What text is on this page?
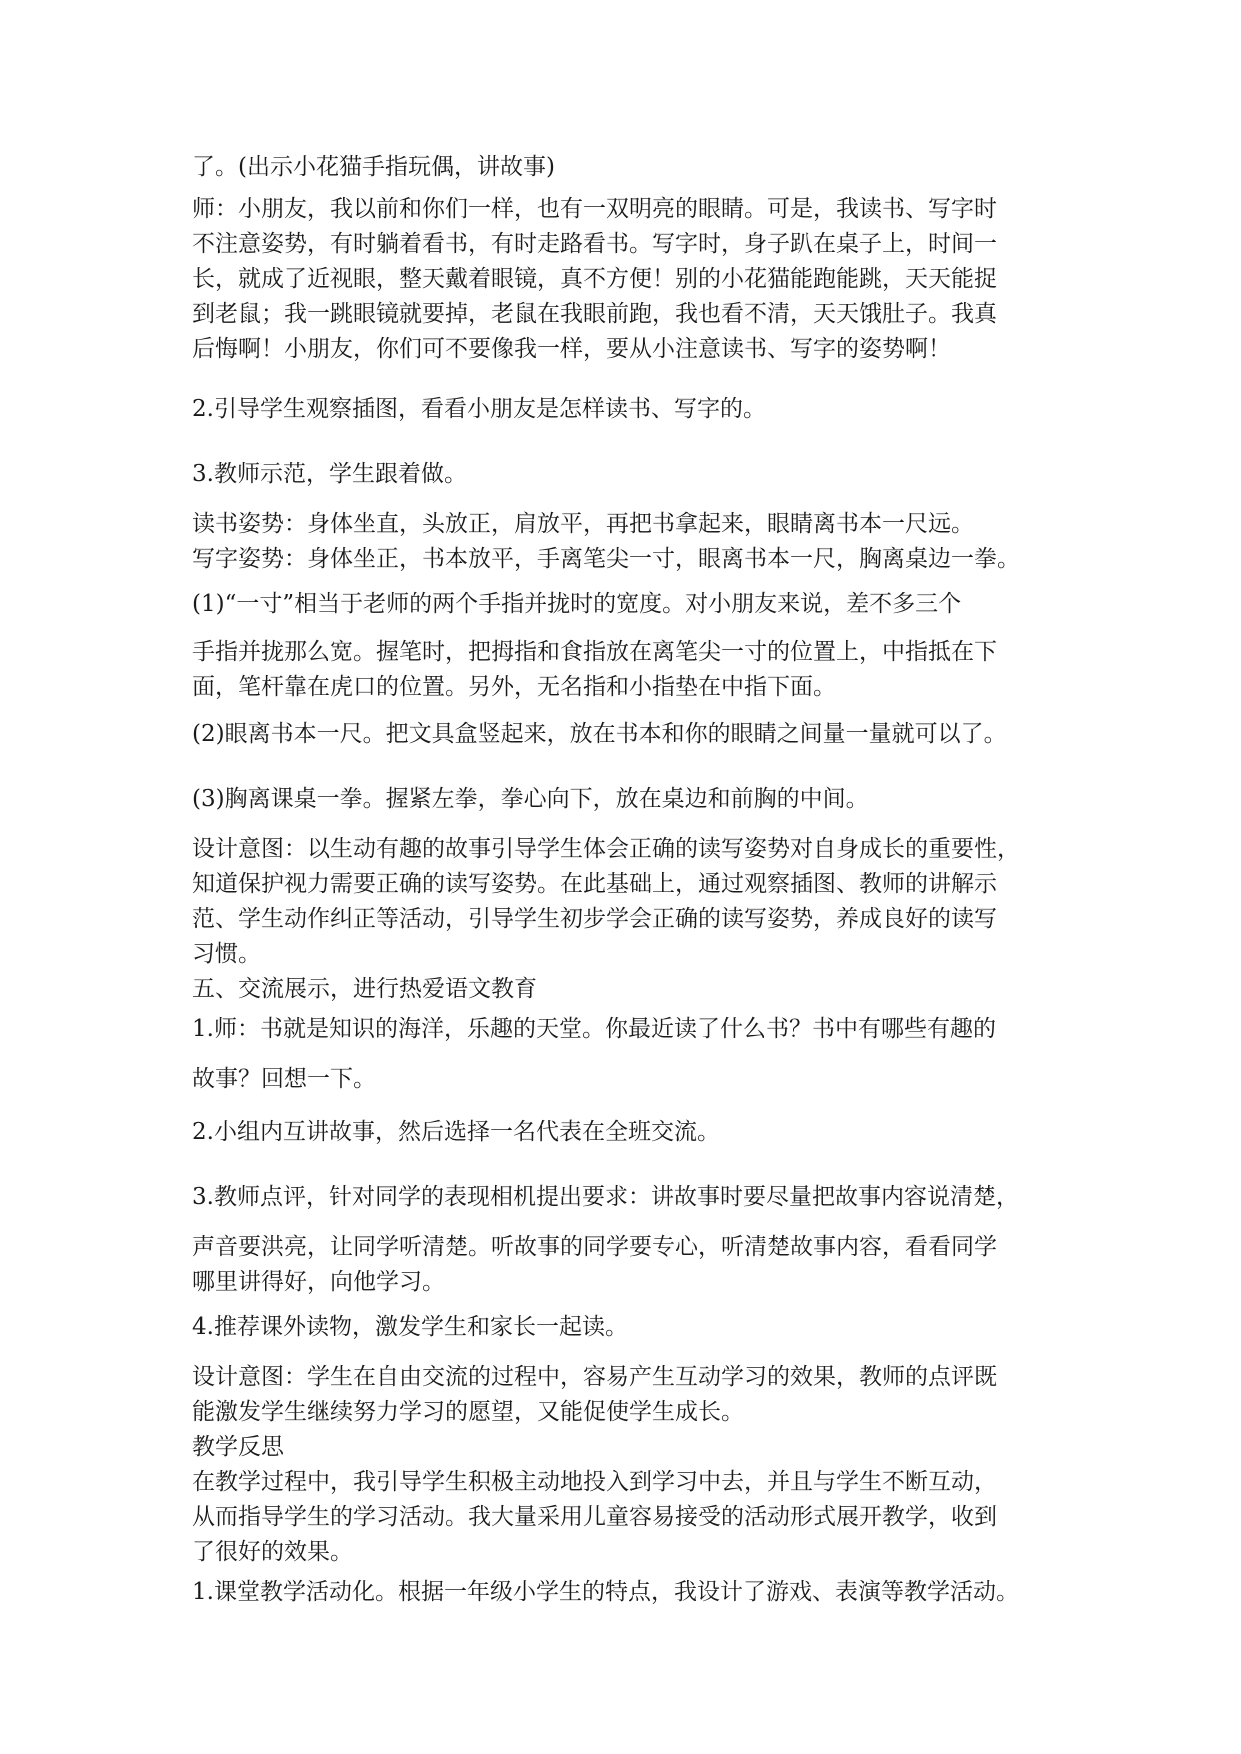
了。(出示小花猫手指玩偶，讲故事)

师：小朋友，我以前和你们一样，也有一双明亮的眼睛。可是，我读书、写字时
不注意姿势，有时躺着看书，有时走路看书。写字时，身子趴在桌子上，时间一
长，就成了近视眼，整天戴着眼镜，真不方便！别的小花猫能跑能跳，天天能捉
到老鼠；我一跳眼镜就要掉，老鼠在我眼前跑，我也看不清，天天饿肚子。我真
后悔啊！小朋友，你们可不要像我一样，要从小注意读书、写字的姿势啊！

2.引导学生观察插图，看看小朋友是怎样读书、写字的。

3.教师示范，学生跟着做。

读书姿势：身体坐直，头放正，肩放平，再把书拿起来，眼睛离书本一尺远。
写字姿势：身体坐正，书本放平，手离笔尖一寸，眼离书本一尺，胸离桌边一拳。

(1)“一寸”相当于老师的两个手指并拢时的宽度。对小朋友来说，差不多三个

手指并拢那么宽。握笔时，把拇指和食指放在离笔尖一寸的位置上，中指抵在下
面，笔杆靠在虎口的位置。另外，无名指和小指垫在中指下面。

(2)眼离书本一尺。把文具盒竖起来，放在书本和你的眼睛之间量一量就可以了。

(3)胸离课桌一拳。握紧左拳，拳心向下，放在桌边和前胸的中间。

设计意图：以生动有趣的故事引导学生体会正确的读写姿势对自身成长的重要性，
知道保护视力需要正确的读写姿势。在此基础上，通过观察插图、教师的讲解示
范、学生动作纠正等活动，引导学生初步学会正确的读写姿势，养成良好的读写
习惯。
五、交流展示，进行热爱语文教育

1.师：书就是知识的海洋，乐趣的天堂。你最近读了什么书？书中有哪些有趣的

故事？回想一下。

2.小组内互讲故事，然后选择一名代表在全班交流。

3.教师点评，针对同学的表现相机提出要求：讲故事时要尽量把故事内容说清楚，

声音要洪亮，让同学听清楚。听故事的同学要专心，听清楚故事内容，看看同学
哪里讲得好，向他学习。

4.推荐课外读物，激发学生和家长一起读。

设计意图：学生在自由交流的过程中，容易产生互动学习的效果，教师的点评既
能激发学生继续努力学习的愿望，又能促使学生成长。
教学反思
在教学过程中，我引导学生积极主动地投入到学习中去，并且与学生不断互动，
从而指导学生的学习活动。我大量采用儿童容易接受的活动形式展开教学，收到
了很好的效果。

1.课堂教学活动化。根据一年级小学生的特点，我设计了游戏、表演等教学活动。
